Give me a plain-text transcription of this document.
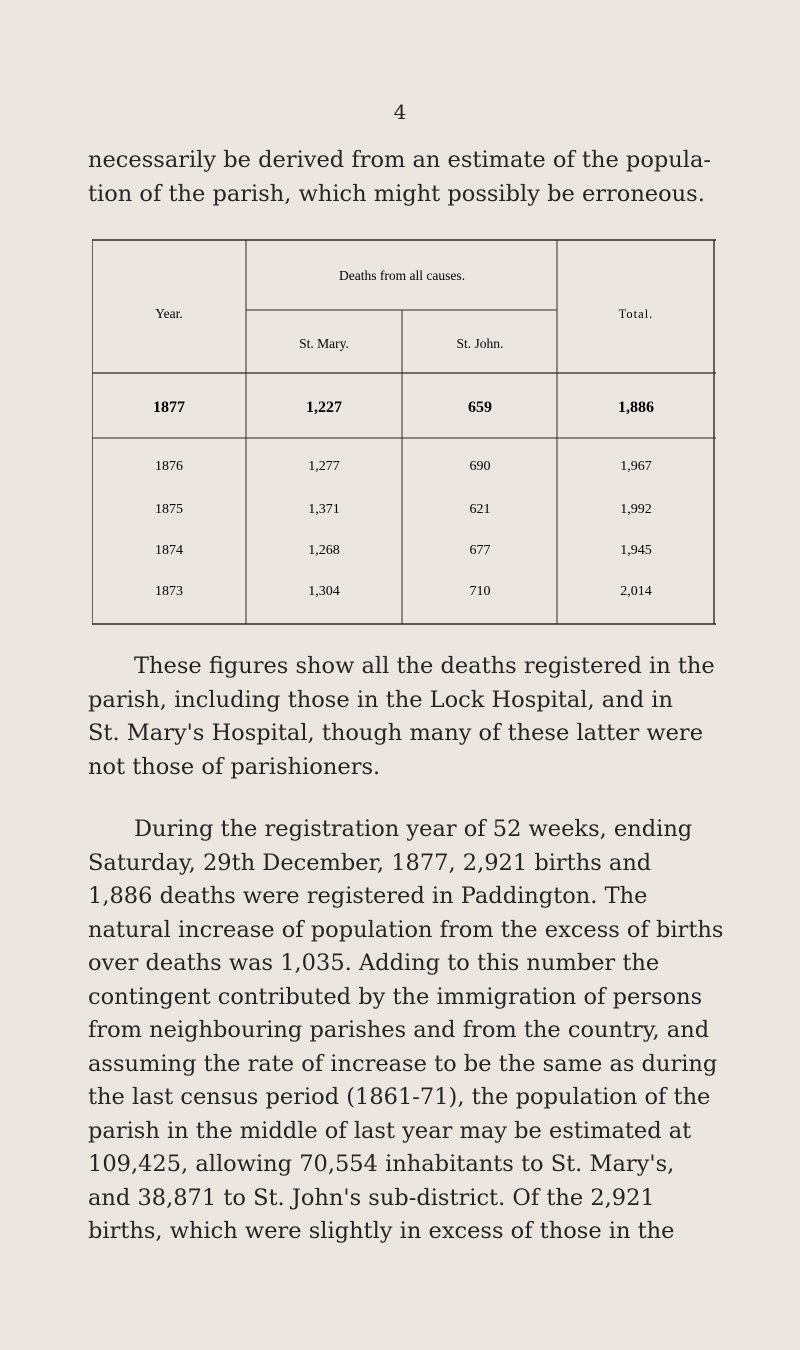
4

necessarily be derived from an estimate of the popula-
tion of the parish, which might possibly be erroneous.

Year.
Deaths from all causes.
St. Mary.	St. John.
Total.
1877	1,227	659	1,886
1876	1,277	690	1,967
1875	1,371	621	1,992
1874	1,268	677	1,945
1873	1,304	710	2,014

These figures show all the deaths registered in the
parish, including those in the Lock Hospital, and in
St. Mary's Hospital, though many of these latter were
not those of parishioners.

During the registration year of 52 weeks, ending
Saturday, 29th December, 1877, 2,921 births and
1,886 deaths were registered in Paddington. The
natural increase of population from the excess of births
over deaths was 1,035. Adding to this number the
contingent contributed by the immigration of persons
from neighbouring parishes and from the country, and
assuming the rate of increase to be the same as during
the last census period (1861-71), the population of the
parish in the middle of last year may be estimated at
109,425, allowing 70,554 inhabitants to St. Mary's,
and 38,871 to St. John's sub-district. Of the 2,921
births, which were slightly in excess of those in the
